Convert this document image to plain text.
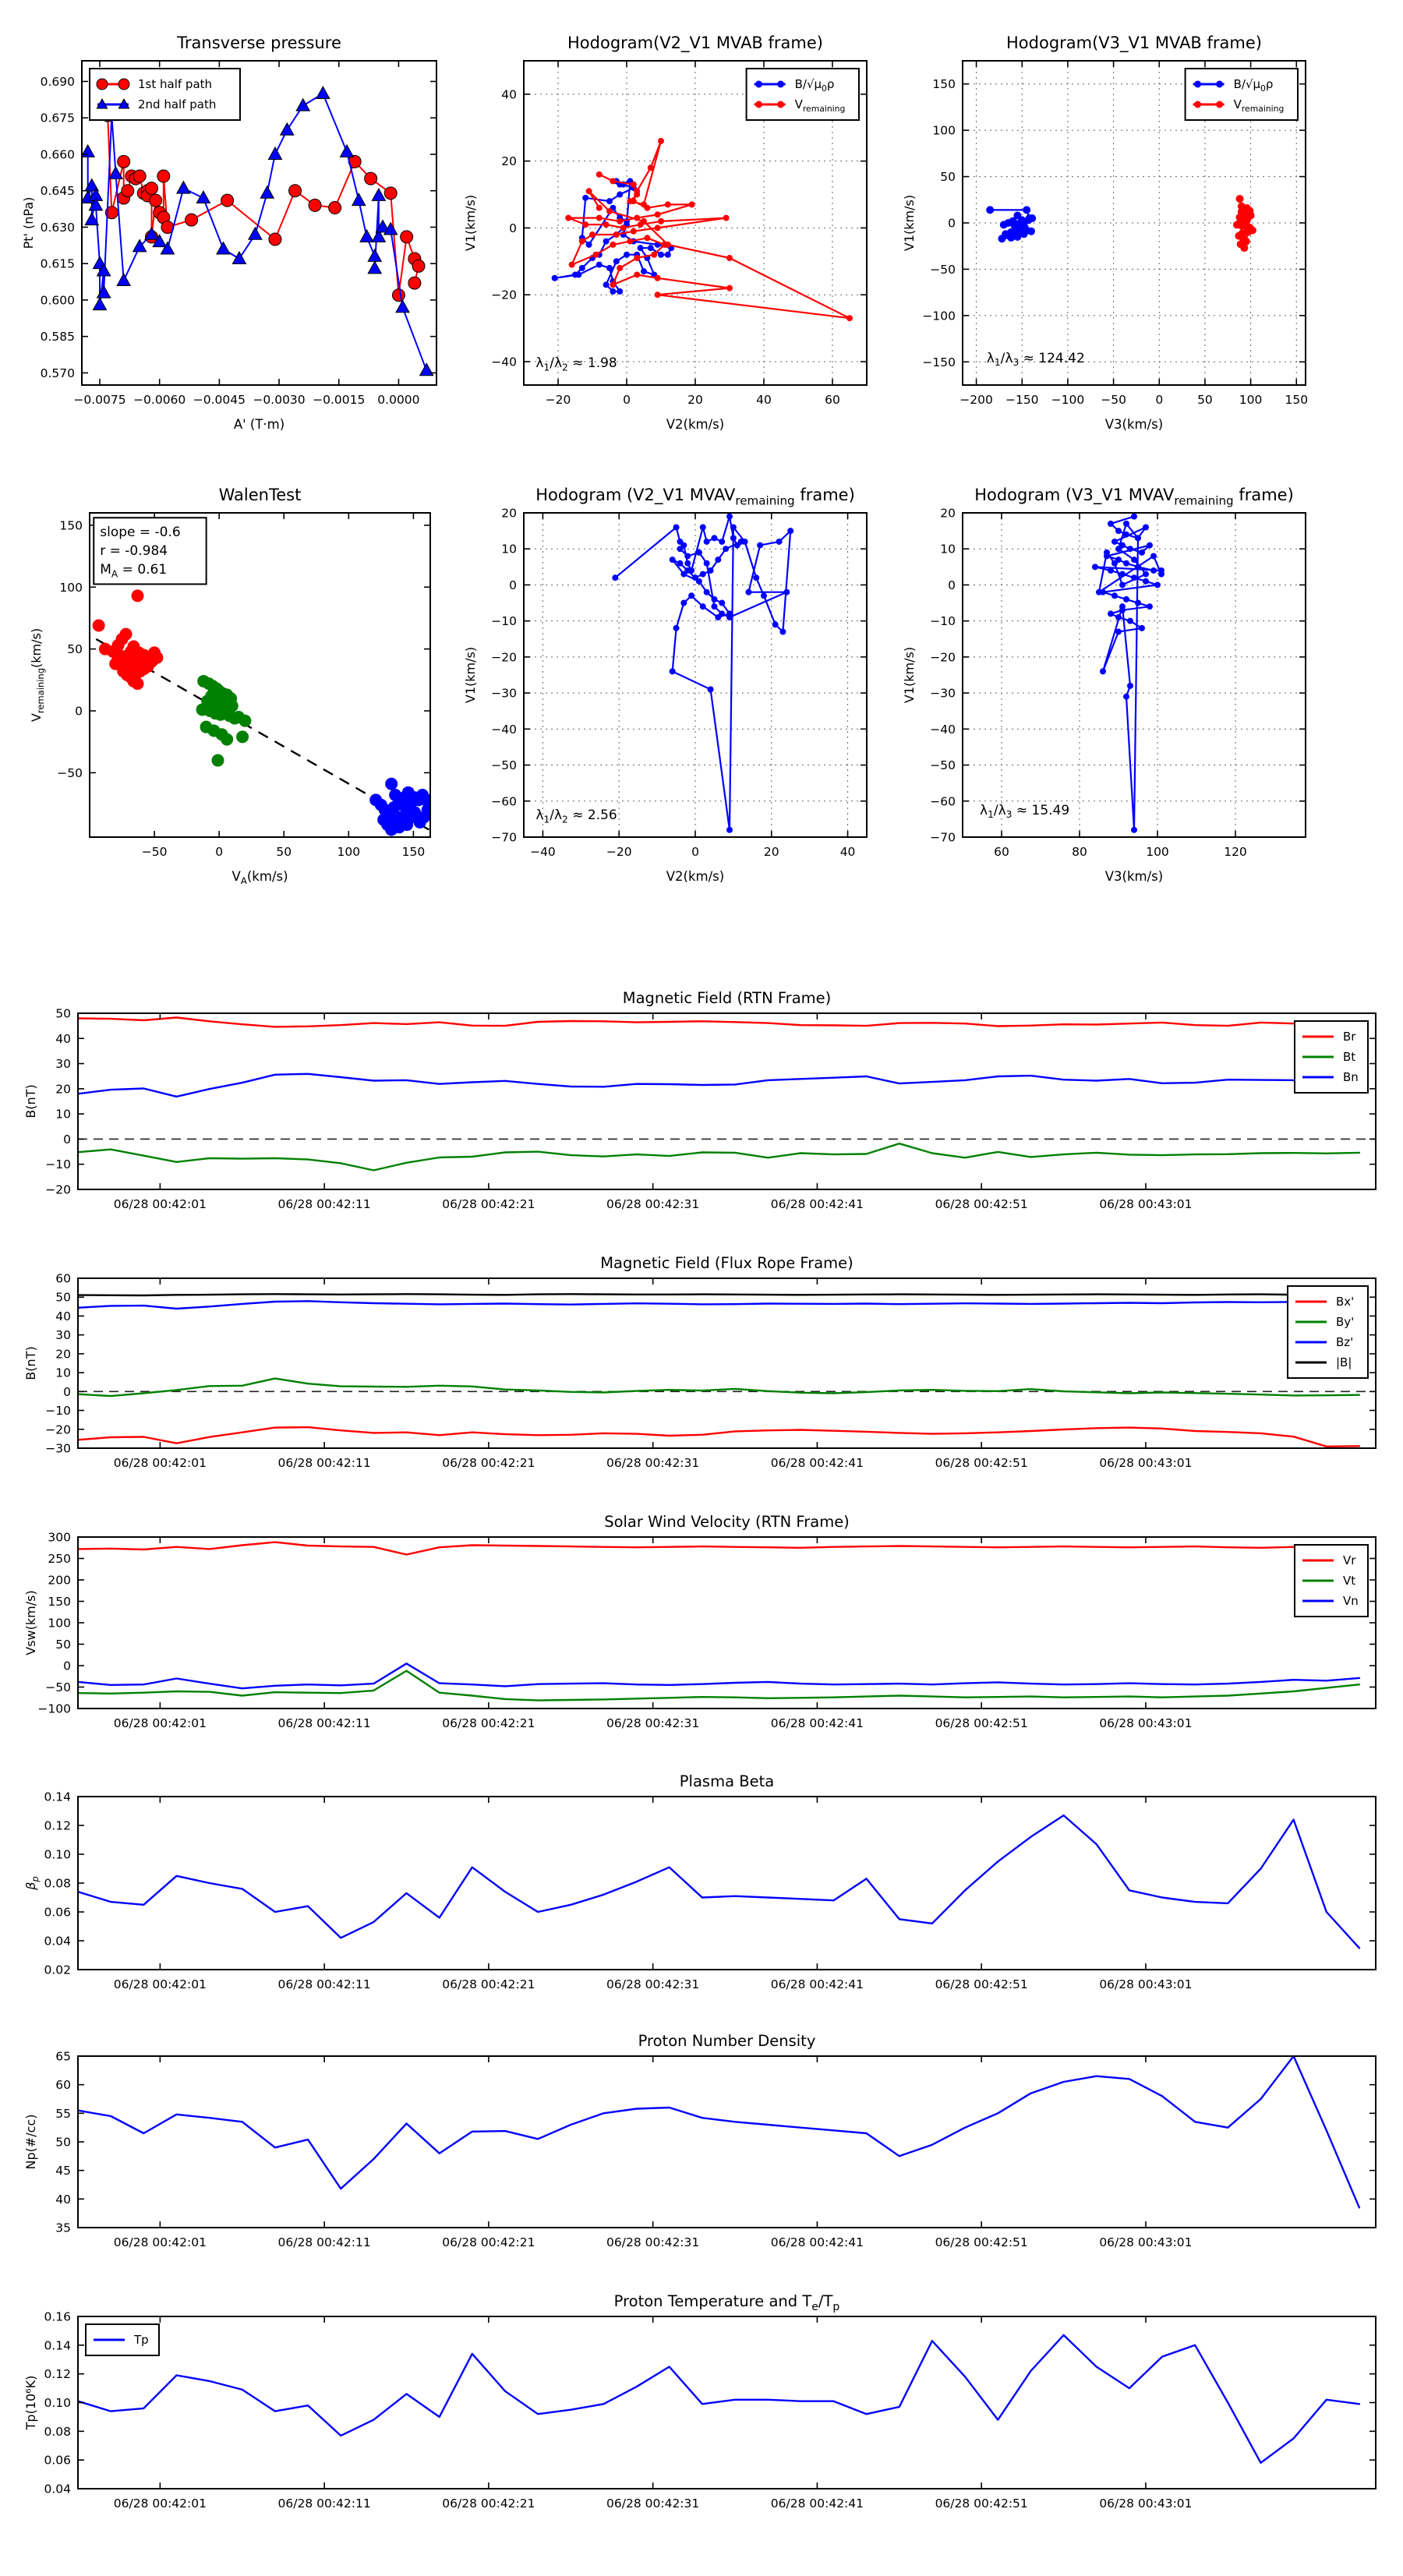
−0.0075 −0.0060 −0.0045 −0.0030 −0.0015 0.0000
0.570
0.585
0.600
0.615
0.630
0.645
0.660
0.675
0.690
Transverse pressure
A' (T·m)
Pt' (nPa)
1st half path
2nd half path
−20	0	20	40	60
−40
−20
0
20
40
Hodogram(V2_V1 MVAB frame)
V2(km/s)
V1(km/s)
$B/√\mu_0\rho$
$V_{remaining}$
$\lambda_1/\lambda_2 \approx 1.98$
−200 −150 −100 −50 0	50 100 150
−150
−100
−50
0
50
100
150
Hodogram(V3_V1 MVAB frame)
V3(km/s)
V1(km/s)
$B/√\mu_0\rho$
$V_{remaining}$
$\lambda_1/\lambda_3 \approx 124.42$
−50	0	50	100	150
−50
0
50
100
150
WalenTest
$V_A(km/s)$
$V_{remaining}(km/s)$
slope = -0.6
r = -0.984
$M_A = 0.61$
−40	−20	0	20	40
−70
−60
−50
−40
−30
−20
−10
0
10
20
Hodogram (V2_V1 $MVAV_{remaining}$ frame)
V2(km/s)
V1(km/s)
$\lambda_1/\lambda_2 \approx 2.56$
60	80	100	120
−70
−60
−50
−40
−30
−20
−10
0
10
20
Hodogram (V3_V1 $MVAV_{remaining}$ frame)
V3(km/s)
V1(km/s)
$\lambda_1/\lambda_3 \approx 15.49$
06/28 00:42:01	06/28 00:42:11	06/28 00:42:21	06/28 00:42:31	06/28 00:42:41	06/28 00:42:51	06/28 00:43:01
−20
−10
0
10
20
30
40
50
Magnetic Field (RTN Frame)
B(nT)
Br
Bt
Bn
06/28 00:42:01	06/28 00:42:11	06/28 00:42:21	06/28 00:42:31	06/28 00:42:41	06/28 00:42:51	06/28 00:43:01
−30
−20
−10
0
10
20
30
40
50
60
Magnetic Field (Flux Rope Frame)
B(nT)
Bx'
By'
Bz'
|B|
06/28 00:42:01	06/28 00:42:11	06/28 00:42:21	06/28 00:42:31	06/28 00:42:41	06/28 00:42:51	06/28 00:43:01
−100
−50
0
50
100
150
200
250
300
Solar Wind Velocity (RTN Frame)
Vsw(km/s)
Vr
Vt
Vn
06/28 00:42:01	06/28 00:42:11	06/28 00:42:21	06/28 00:42:31	06/28 00:42:41	06/28 00:42:51	06/28 00:43:01
0.02
0.04
0.06
0.08
0.10
0.12
0.14
Plasma Beta
$\beta_p$
06/28 00:42:01	06/28 00:42:11	06/28 00:42:21	06/28 00:42:31	06/28 00:42:41	06/28 00:42:51	06/28 00:43:01
35
40
45
50
55
60
65
Proton Number Density
Np(#/cc)
06/28 00:42:01	06/28 00:42:11	06/28 00:42:21	06/28 00:42:31	06/28 00:42:41	06/28 00:42:51	06/28 00:43:01
0.04
0.06
0.08
0.10
0.12
0.14
0.16
Proton Temperature and $T_e/T_p$
Tp(10⁶K)
Tp
